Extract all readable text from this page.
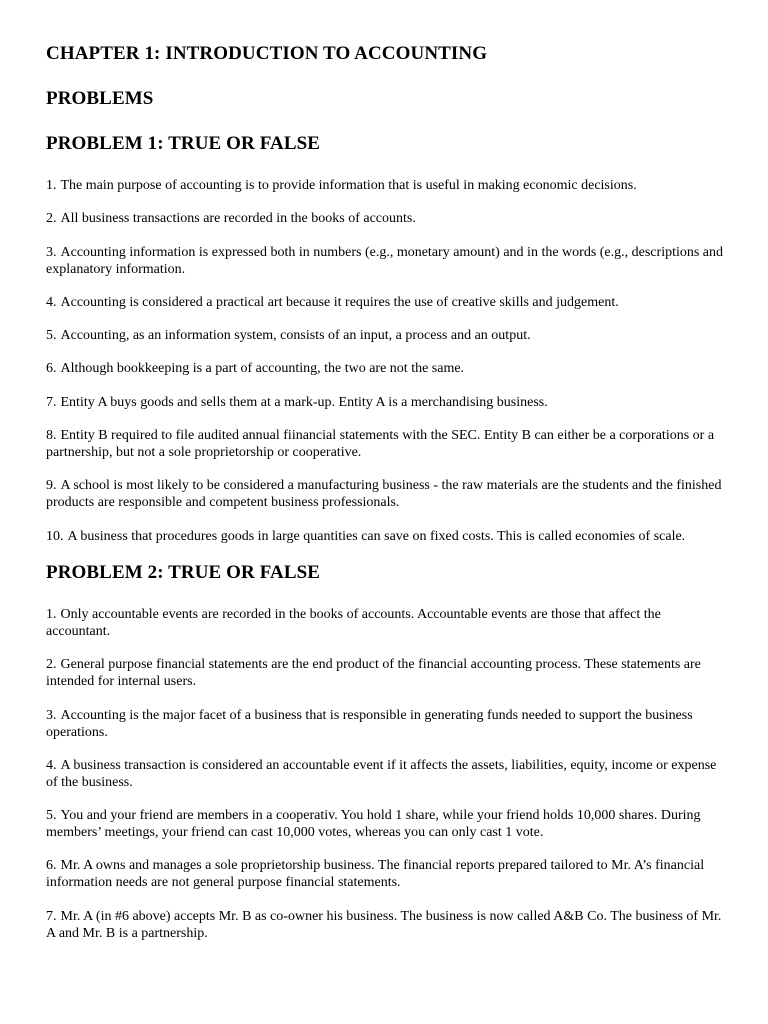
CHAPTER 1: INTRODUCTION TO ACCOUNTING
PROBLEMS
PROBLEM 1: TRUE OR FALSE
1. The main purpose of accounting is to provide information that is useful in making economic decisions.
2. All business transactions are recorded in the books of accounts.
3. Accounting information is expressed both in numbers (e.g., monetary amount) and in the words (e.g., descriptions and explanatory information.
4. Accounting is considered a practical art because it requires the use of creative skills and judgement.
5. Accounting, as an information system, consists of an input, a process and an output.
6. Although bookkeeping is a part of accounting, the two are not the same.
7. Entity A buys goods and sells them at a mark-up. Entity A is a merchandising business.
8. Entity B required to file audited annual fiinancial statements with the SEC. Entity B can either be a corporations or a partnership, but not a sole proprietorship or cooperative.
9. A school is most likely to be considered a manufacturing business - the raw materials are the students and the finished products are responsible and competent business professionals.
10. A business that procedures goods in large quantities can save on fixed costs. This is called economies of scale.
PROBLEM 2: TRUE OR FALSE
1. Only accountable events are recorded in the books of accounts. Accountable events are those that affect the accountant.
2. General purpose financial statements are the end product of the financial accounting process. These statements are intended for internal users.
3. Accounting is the major facet of a business that is responsible in generating funds needed to support the business operations.
4. A business transaction is considered an accountable event if it affects the assets, liabilities, equity, income or expense of the business.
5. You and your friend are members in a cooperativ. You hold 1 share, while your friend holds 10,000 shares. During members’ meetings, your friend can cast 10,000 votes, whereas you can only cast 1 vote.
6. Mr. A owns and manages a sole proprietorship business. The financial reports prepared tailored to Mr. A’s financial information needs are not general purpose financial statements.
7. Mr. A (in #6 above) accepts Mr. B as co-owner his business. The business is now called A&B Co. The business of Mr. A and Mr. B is a partnership.
